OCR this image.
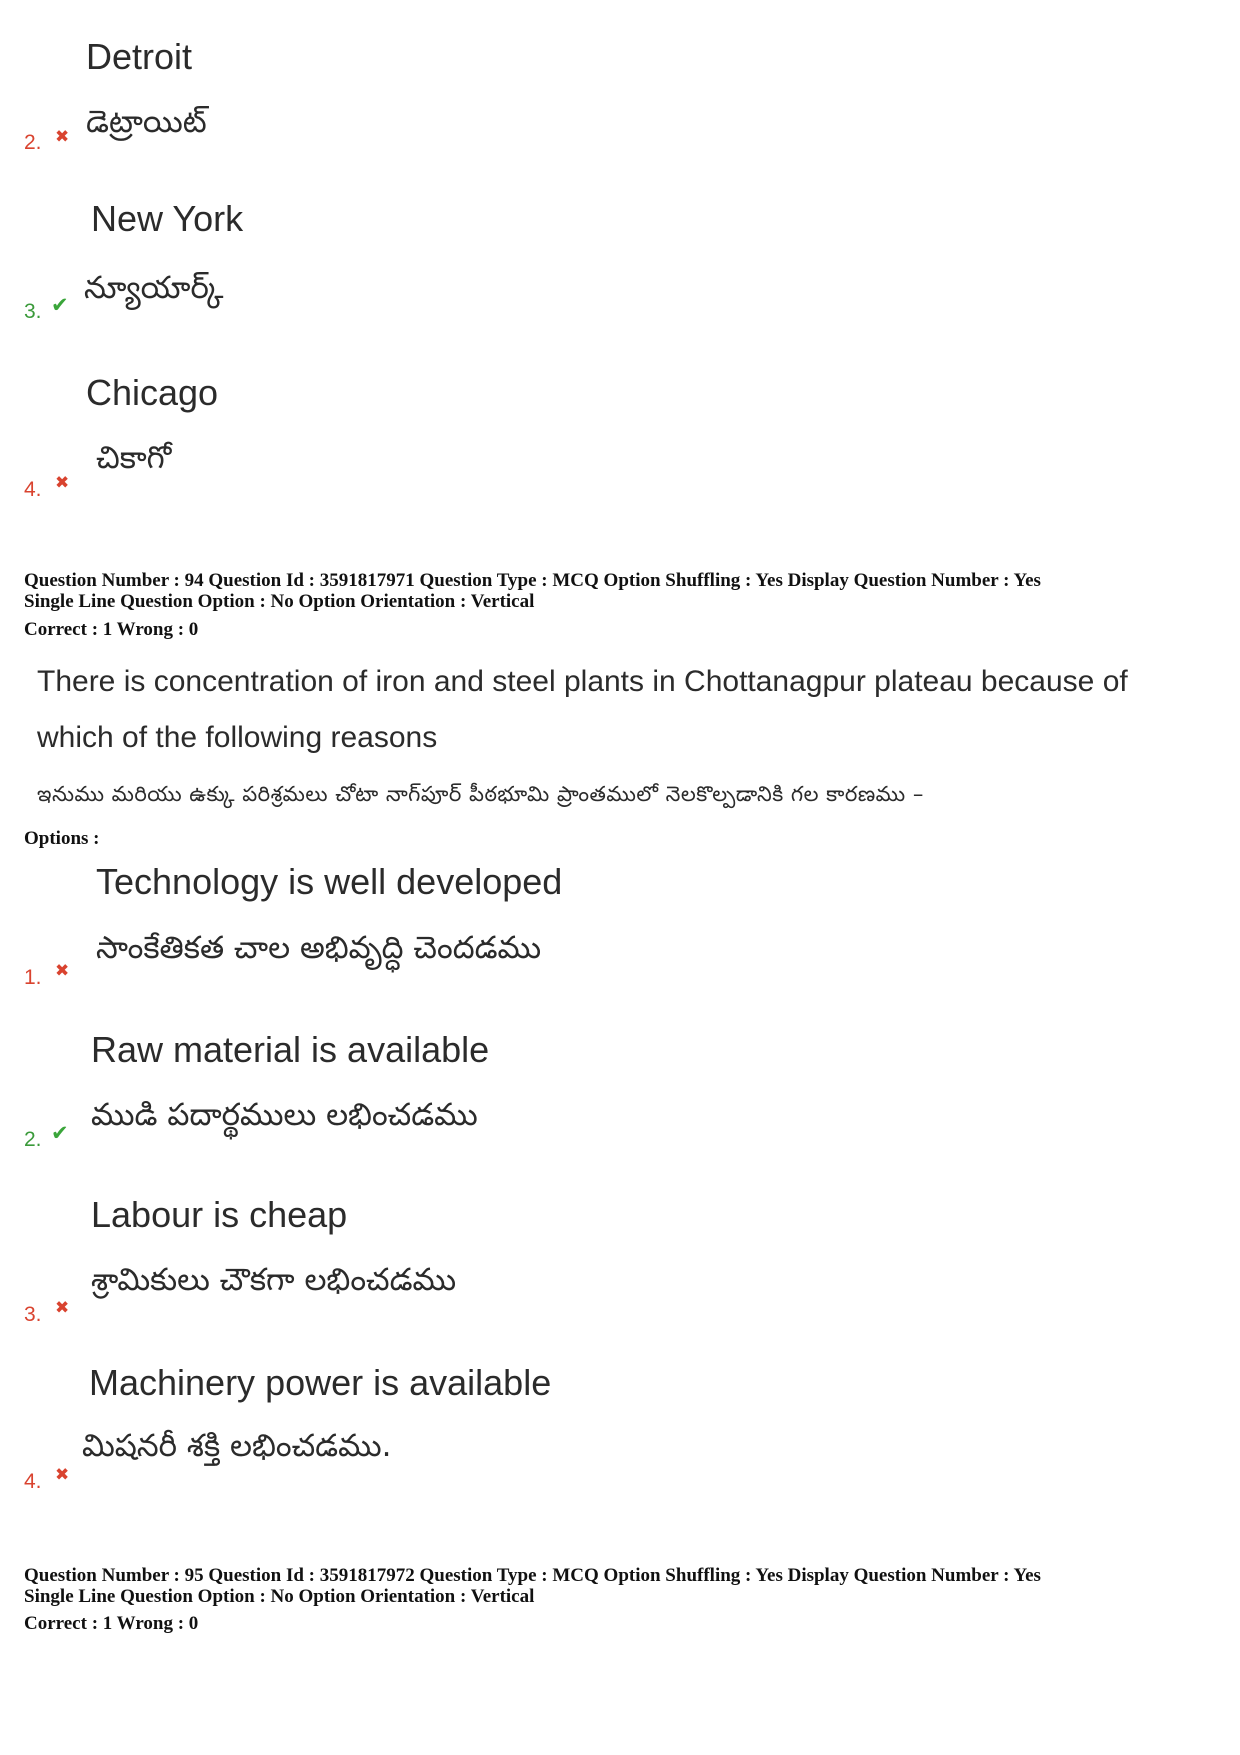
Detroit
డెట్రాయిట్
2. ✖
New York
న్యూయార్క్
3. ✔
Chicago
చికాగో
4. ✖
Question Number : 94 Question Id : 3591817971 Question Type : MCQ Option Shuffling : Yes Display Question Number : Yes
Single Line Question Option : No Option Orientation : Vertical
Correct : 1 Wrong : 0
There is concentration of iron and steel plants in Chottanagpur plateau because of
which of the following reasons
ఇనుము మరియు ఉక్కు పరిశ్రమలు చోటా నాగ్‌పూర్ పీఠభూమి ప్రాంతములో నెలకొల్పడానికి గల కారణము –
Options :
Technology is well developed
సాంకేతికత చాల అభివృద్ధి చెందడము
1. ✖
Raw material is available
ముడి పదార్థములు లభించడము
2. ✔
Labour is cheap
శ్రామికులు చౌకగా లభించడము
3. ✖
Machinery power is available
మిషనరీ శక్తి లభించడము.
4. ✖
Question Number : 95 Question Id : 3591817972 Question Type : MCQ Option Shuffling : Yes Display Question Number : Yes
Single Line Question Option : No Option Orientation : Vertical
Correct : 1 Wrong : 0
